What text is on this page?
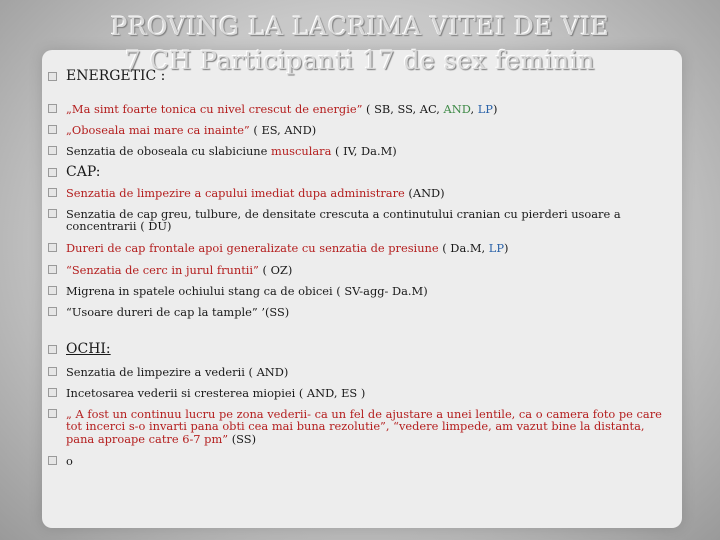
PROVING LA LACRIMA VITEI DE VIE
7 CH Participanti 17 de sex feminin
ENERGETIC :
„Ma simt foarte tonica cu nivel crescut de energie” ( SB, SS, AC, AND, LP)
„Oboseala mai mare ca inainte” ( ES, AND)
Senzatia de oboseala cu slabiciune musculara ( IV, Da.M)
CAP:
Senzatia de limpezire a capului imediat dupa administrare (AND)
Senzatia de cap greu, tulbure, de densitate crescuta a continutului cranian cu pierderi usoare a concentrarii ( DU)
Dureri de cap frontale apoi generalizate cu senzatia de presiune ( Da.M, LP)
“Senzatia de cerc in jurul fruntii” ( OZ)
Migrena in spatele ochiului stang ca de obicei ( SV-agg- Da.M)
“Usoare dureri de cap la tample” ’(SS)
OCHI:
Senzatia de limpezire a vederii ( AND)
Incetosarea vederii si cresterea miopiei ( AND, ES )
„ A fost un continuu lucru pe zona vederii- ca un fel de ajustare a unei lentile, ca o camera foto pe care tot incerci s-o invarti pana obti cea mai buna rezolutie”, “vedere limpede, am vazut bine la distanta, pana aproape catre 6-7 pm” (SS)
o
